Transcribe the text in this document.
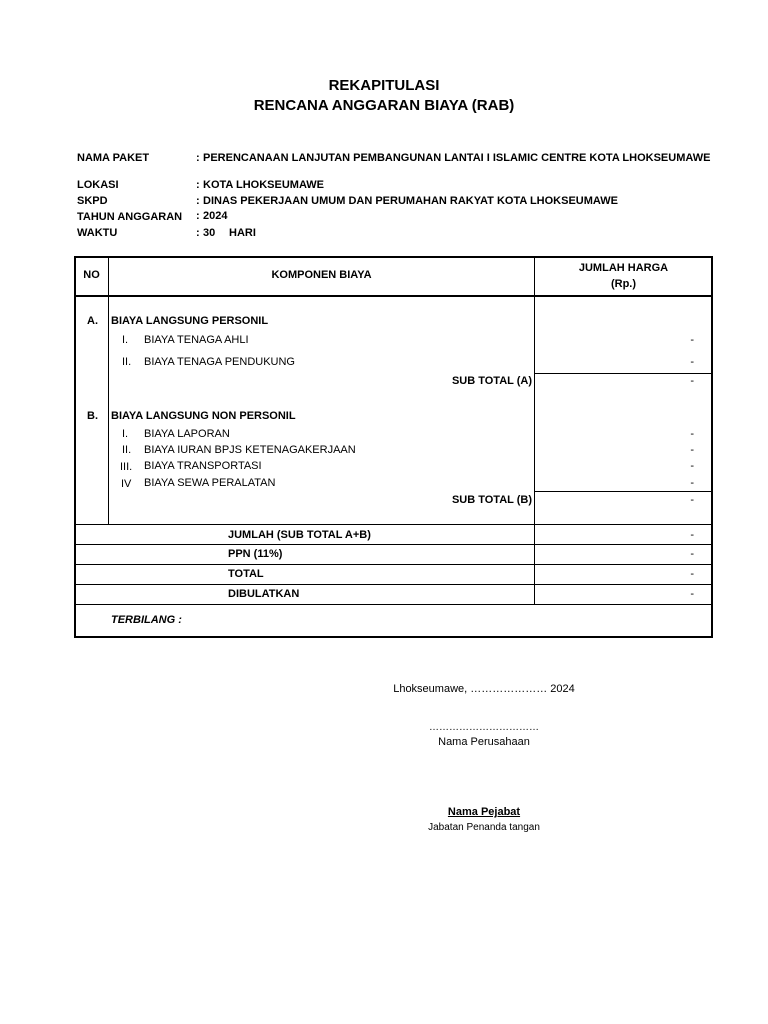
REKAPITULASI
RENCANA ANGGARAN BIAYA (RAB)
NAMA PAKET	: PERENCANAAN LANJUTAN PEMBANGUNAN LANTAI I ISLAMIC CENTRE KOTA LHOKSEUMAWE
LOKASI	: KOTA LHOKSEUMAWE
SKPD	: DINAS PEKERJAAN UMUM DAN PERUMAHAN RAKYAT KOTA LHOKSEUMAWE
TAHUN ANGGARAN : 2024
WAKTU	: 30 HARI
NO	KOMPONEN BIAYA
JUMLAH HARGA
(Rp.)
A. BIAYA LANGSUNG PERSONIL
I. BIAYA TENAGA AHLI	-
II. BIAYA TENAGA PENDUKUNG	-
SUB TOTAL (A)	-
B. BIAYA LANGSUNG NON PERSONIL
I. BIAYA LAPORAN	-
II. BIAYA IURAN BPJS KETENAGAKERJAAN	-
III. BIAYA TRANSPORTASI	-
IV BIAYA SEWA PERALATAN	-
SUB TOTAL (B)	-
JUMLAH (SUB TOTAL A+B)	-
PPN (11%)	-
TOTAL	-
DIBULATKAN	-
TERBILANG :
Lhokseumawe, ………………… 2024
……………………………
Nama Perusahaan
Nama Pejabat
Jabatan Penanda tangan
